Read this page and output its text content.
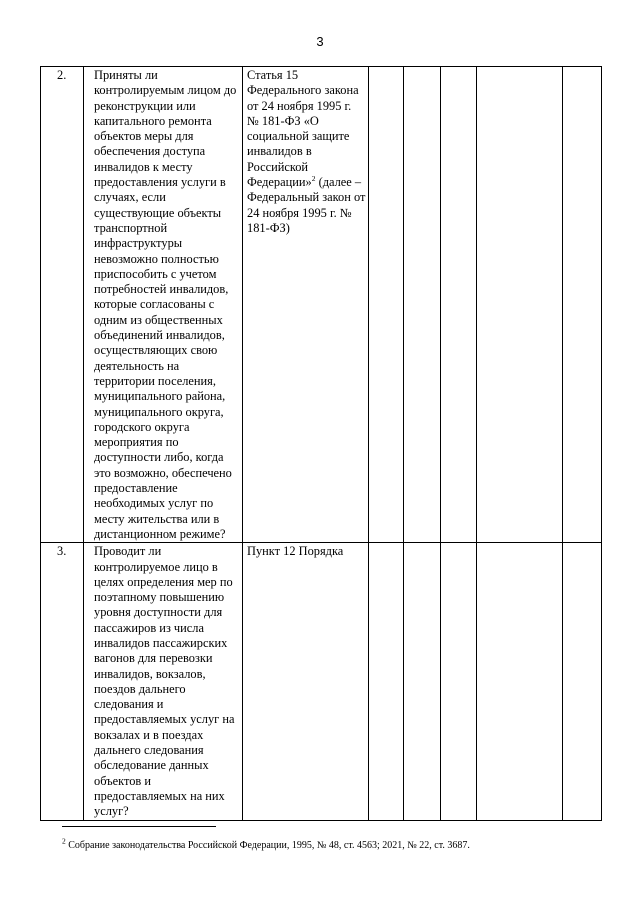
3
2.	Приняты ли контролируемым лицом до реконструкции или капитального ремонта объектов меры для обеспечения доступа инвалидов к месту предоставления услуги в случаях, если существующие объекты транспортной инфраструктуры невозможно полностью приспособить с учетом потребностей инвалидов, которые согласованы с одним из общественных объединений инвалидов, осуществляющих свою деятельность на территории поселения, муниципального района, муниципального округа, городского округа мероприятия по доступности либо, когда это возможно, обеспечено предоставление необходимых услуг по месту жительства или в дистанционном режиме?	Статья 15 Федерального закона от 24 ноября 1995 г. № 181-ФЗ «О социальной защите инвалидов в Российской Федерации»$^2$ (далее – Федеральный закон от 24 ноября 1995 г. № 181-ФЗ)					

3.	Проводит ли контролируемое лицо в целях определения мер по поэтапному повышению уровня доступности для пассажиров из числа инвалидов пассажирских вагонов для перевозки инвалидов, вокзалов, поездов дальнего следования и предоставляемых услуг на вокзалах и в поездах дальнего следования обследование данных объектов и предоставляемых на них услуг?	Пункт 12 Порядка					

$^2$ Собрание законодательства Российской Федерации, 1995, № 48, ст. 4563; 2021, № 22, ст. 3687.
